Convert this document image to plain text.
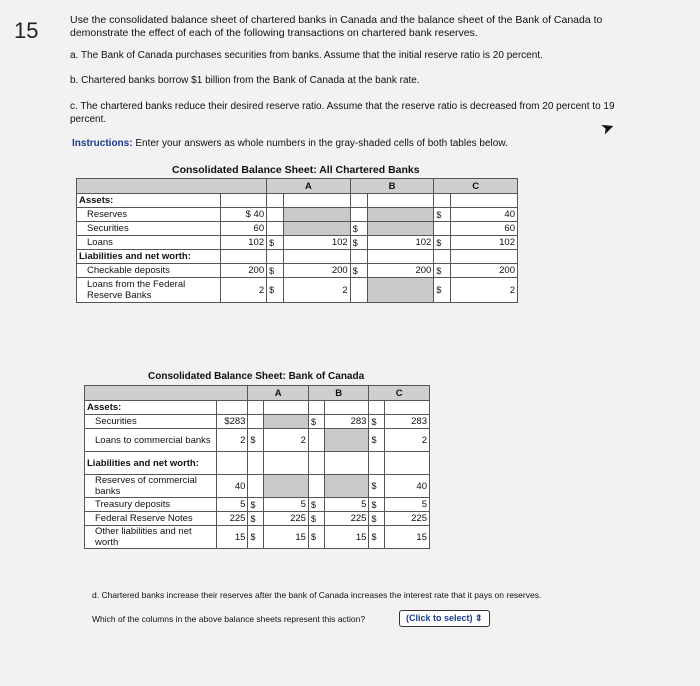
15	Use the consolidated balance sheet of chartered banks in Canada and the balance sheet of the Bank of Canada to demonstrate the effect of each of the following transactions on chartered bank reserves.
a. The Bank of Canada purchases securities from banks. Assume that the initial reserve ratio is 20 percent.
b. Chartered banks borrow $1 billion from the Bank of Canada at the bank rate.
c. The chartered banks reduce their desired reserve ratio. Assume that the reserve ratio is decreased from 20 percent to 19 percent.	➤
Instructions: Enter your answers as whole numbers in the gray-shaded cells of both tables below.
Consolidated Balance Sheet: All Chartered Banks
		A		B		C	
Assets:							
Reserves	$ 40					$	40
Securities	60			$			60
Loans	102	$	102	$	102	$	102
Liabilities and net worth:							
Checkable deposits	200	$	200	$	200	$	200
Loans from the Federal Reserve Banks	2	$	2			$	2
Consolidated Balance Sheet: Bank of Canada
		A		B		C	
Assets:							
Securities	$283			$	283	$	283
Loans to commercial banks	2	$	2			$	2
Liabilities and net worth:							
Reserves of commercial banks	40					$	40
Treasury deposits	5	$	5	$	5	$	5
Federal Reserve Notes	225	$	225	$	225	$	225
Other liabilities and net worth	15	$	15	$	15	$	15
d. Chartered banks increase their reserves after the bank of Canada increases the interest rate that it pays on reserves.
Which of the columns in the above balance sheets represent this action?	(Click to select) ⇕
